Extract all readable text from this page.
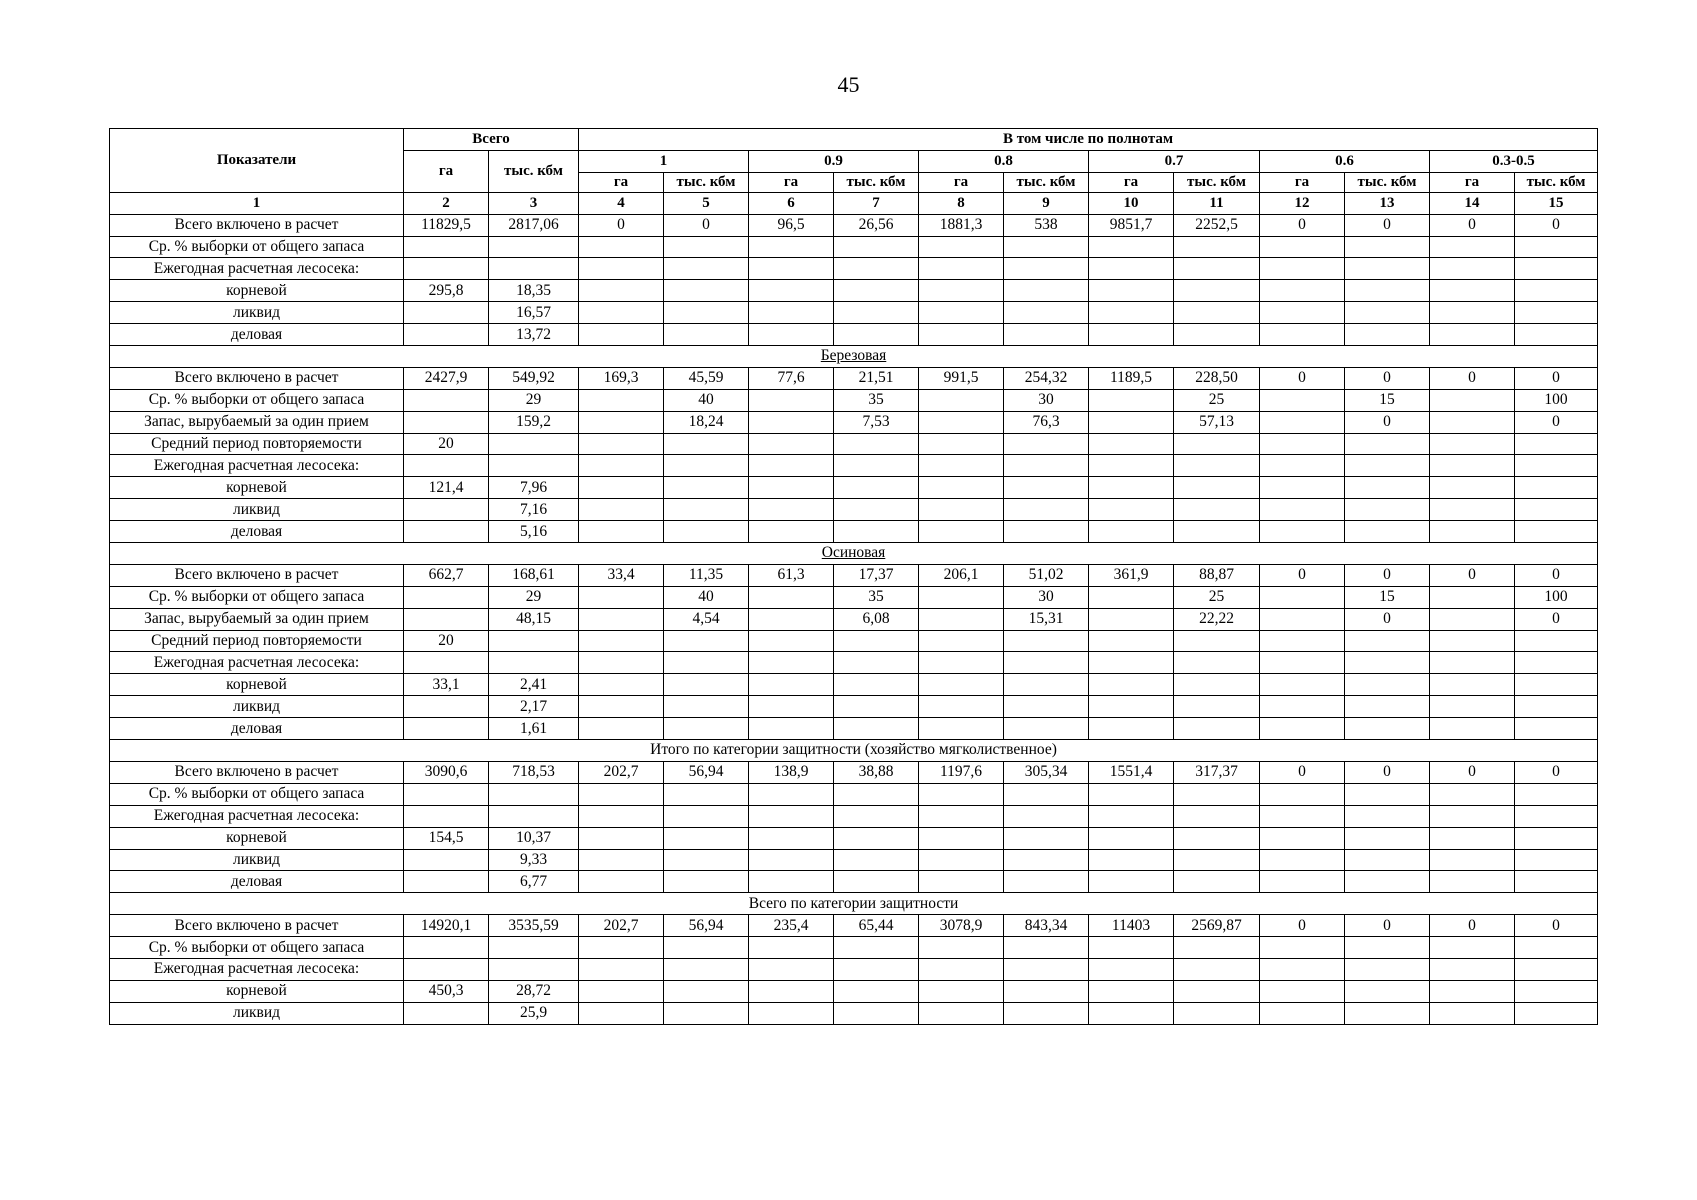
45
Показатели	Всего		В том числе по полнотам											
	га	тыс. кбм	1		0.9		0.8		0.7		0.6		0.3-0.5	
			га	тыс. кбм	га	тыс. кбм	га	тыс. кбм	га	тыс. кбм	га	тыс. кбм	га	тыс. кбм
1	2	3	4	5	6	7	8	9	10	11	12	13	14	15
Всего включено в расчет	11829,5	2817,06	0	0	96,5	26,56	1881,3	538	9851,7	2252,5	0	0	0	0
Ср. % выборки от общего запаса														
Ежегодная расчетная лесосека:														
корневой	295,8	18,35												
ликвид		16,57												
деловая		13,72												
Березовая														
Всего включено в расчет	2427,9	549,92	169,3	45,59	77,6	21,51	991,5	254,32	1189,5	228,50	0	0	0	0
Ср. % выборки от общего запаса		29		40		35		30		25		15		100
Запас, вырубаемый за один прием		159,2		18,24		7,53		76,3		57,13		0		0
Средний период повторяемости	20													
Ежегодная расчетная лесосека:														
корневой	121,4	7,96												
ликвид		7,16												
деловая		5,16												
Осиновая														
Всего включено в расчет	662,7	168,61	33,4	11,35	61,3	17,37	206,1	51,02	361,9	88,87	0	0	0	0
Ср. % выборки от общего запаса		29		40		35		30		25		15		100
Запас, вырубаемый за один прием		48,15		4,54		6,08		15,31		22,22		0		0
Средний период повторяемости	20													
Ежегодная расчетная лесосека:														
корневой	33,1	2,41												
ликвид		2,17												
деловая		1,61												
Итого по категории защитности (хозяйство мягколиственное)														
Всего включено в расчет	3090,6	718,53	202,7	56,94	138,9	38,88	1197,6	305,34	1551,4	317,37	0	0	0	0
Ср. % выборки от общего запаса														
Ежегодная расчетная лесосека:														
корневой	154,5	10,37												
ликвид		9,33												
деловая		6,77												
Всего по категории защитности														
Всего включено в расчет	14920,1	3535,59	202,7	56,94	235,4	65,44	3078,9	843,34	11403	2569,87	0	0	0	0
Ср. % выборки от общего запаса														
Ежегодная расчетная лесосека:														
корневой	450,3	28,72												
ликвид		25,9												
